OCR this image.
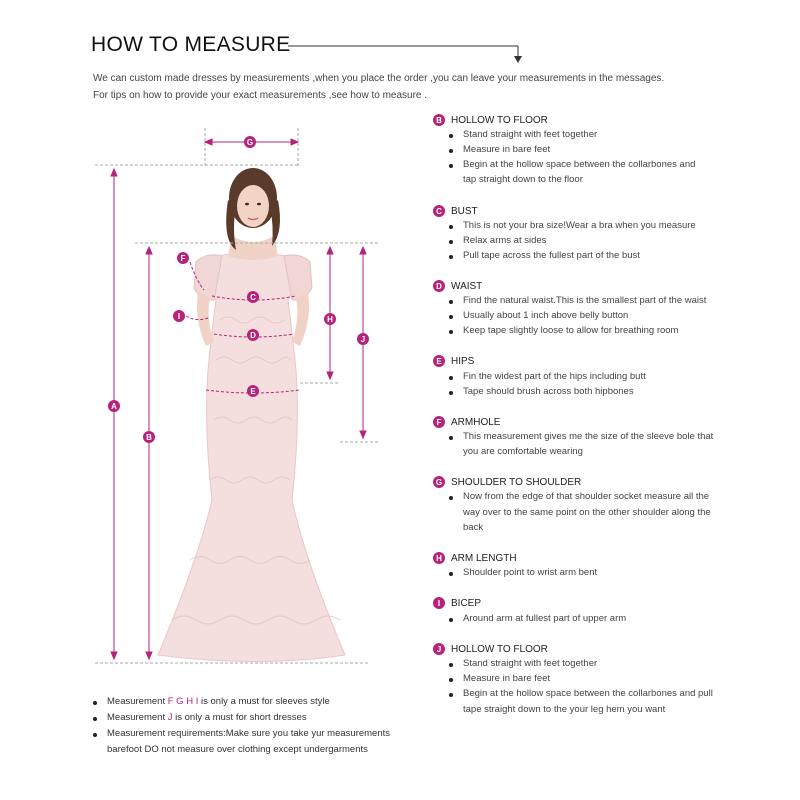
HOW TO MEASURE
We can custom made dresses by measurements ,when you place the order ,you can leave your measurements in the messages.
For tips on how to provide your exact measurements ,see how to measure .
A
B
C
D
E
F
G
H
I
J
B HOLLOW TO FLOOR
Stand straight with feet together
Measure in bare feet
Begin at the hollow space between the collarbones and
tap straight down to the floor
C BUST
This is not your bra size!Wear a bra when you measure
Relax arms at sides
Pull tape across the fullest part of the bust
D WAIST
Find the natural waist.This is the smallest part of the waist
Usually about 1 inch above belly button
Keep tape slightly loose to allow for breathing room
E HIPS
Fin the widest part of the hips including butt
Tape should brush across both hipbones
F ARMHOLE
This measurement gives me the size of the sleeve bole that
you are comfortable wearing
G SHOULDER TO SHOULDER
Now from the edge of that shoulder socket measure all the
way over to the same point on the other shoulder along the
back
H ARM LENGTH
Shoulder point to wrist arm bent
I	BICEP
Around arm at fullest part of upper arm
J HOLLOW TO FLOOR
Stand straight with feet together
Measure in bare feet
Begin at the hollow space between the collarbones and pull
tape straight down to the your leg hem you want
Measurement F G H I is only a must for sleeves style
Measurement J is only a must for short dresses
Measurement requirements:Make sure you take yur measurements
barefoot DO not measure over clothing except undergarments
